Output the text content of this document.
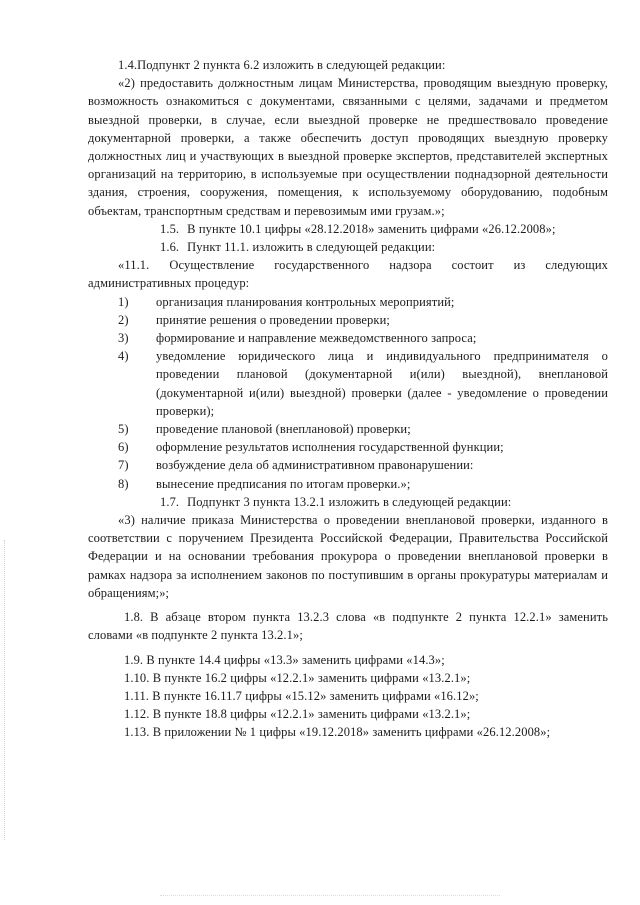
1.4.Подпункт 2 пункта 6.2 изложить в следующей редакции:

«2) предоставить должностным лицам Министерства, проводящим выездную проверку, возможность ознакомиться с документами, связанными с целями, задачами и предметом выездной проверки, в случае, если выездной проверке не предшествовало проведение документарной проверки, а также обеспечить доступ проводящих выездную проверку должностных лиц и участвующих в выездной проверке экспертов, представителей экспертных организаций на территорию, в используемые при осуществлении поднадзорной деятельности здания, строения, сооружения, помещения, к используемому оборудованию, подобным объектам, транспортным средствам и перевозимым ими грузам.»;

1.5. В пункте 10.1 цифры «28.12.2018» заменить цифрами «26.12.2008»;

1.6. Пункт 11.1. изложить в следующей редакции:

«11.1. Осуществление государственного надзора состоит из следующих административных процедур:

1)	организация планирования контрольных мероприятий;
2)	принятие решения о проведении проверки;
3)	формирование и направление межведомственного запроса;
4)	уведомление юридического лица и индивидуального предпринимателя о проведении плановой (документарной и(или) выездной), внеплановой (документарной и(или) выездной) проверки (далее - уведомление о проведении проверки);
5)	проведение плановой (внеплановой) проверки;
6)	оформление результатов исполнения государственной функции;
7)	возбуждение дела об административном правонарушении:
8)	вынесение предписания по итогам проверки.»;

1.7. Подпункт 3 пункта 13.2.1 изложить в следующей редакции:

«3) наличие приказа Министерства о проведении внеплановой проверки, изданного в соответствии с поручением Президента Российской Федерации, Правительства Российской Федерации и на основании требования прокурора о проведении внеплановой проверки в рамках надзора за исполнением законов по поступившим в органы прокуратуры материалам и обращениям;»;

1.8. В абзаце втором пункта 13.2.3 слова «в подпункте 2 пункта 12.2.1» заменить словами «в подпункте 2 пункта 13.2.1»;

1.9. В пункте 14.4 цифры «13.3» заменить цифрами «14.3»;

1.10. В пункте 16.2 цифры «12.2.1» заменить цифрами «13.2.1»;

1.11. В пункте 16.11.7 цифры «15.12» заменить цифрами «16.12»;

1.12. В пункте 18.8 цифры «12.2.1» заменить цифрами «13.2.1»;

1.13. В приложении № 1 цифры «19.12.2018» заменить цифрами «26.12.2008»;
